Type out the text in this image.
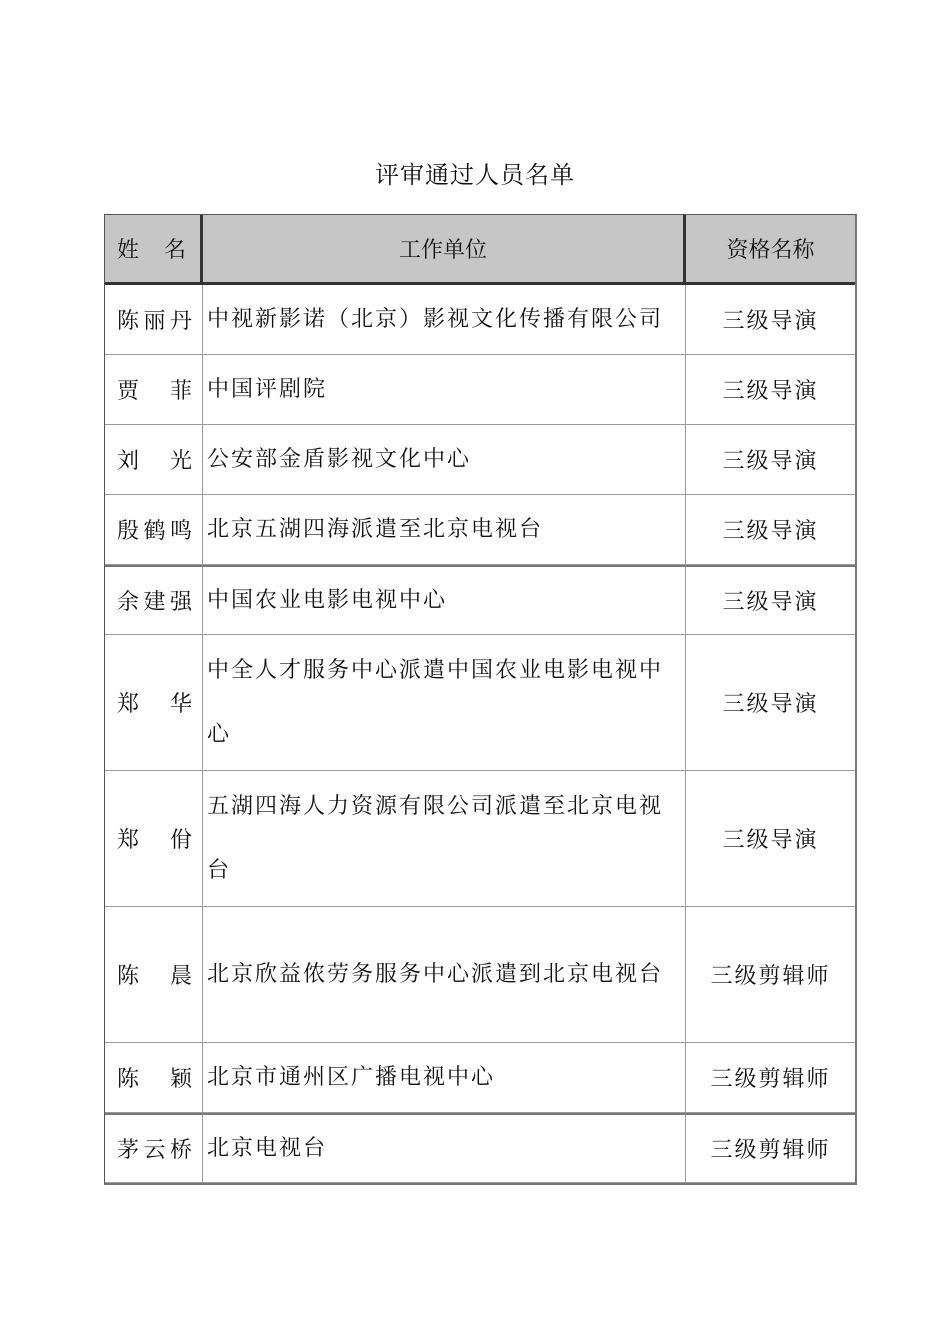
评审通过人员名单
姓名	工作单位	资格名称
陈丽丹	中视新影诺（北京）影视文化传播有限公司	三级导演
贾菲	中国评剧院	三级导演
刘光	公安部金盾影视文化中心	三级导演
殷鹤鸣	北京五湖四海派遣至北京电视台	三级导演
余建强	中国农业电影电视中心	三级导演
郑华	中全人才服务中心派遣中国农业电影电视中心	三级导演
郑佾	五湖四海人力资源有限公司派遣至北京电视台	三级导演
陈晨	北京欣益侬劳务服务中心派遣到北京电视台	三级剪辑师
陈颖	北京市通州区广播电视中心	三级剪辑师
茅云桥	北京电视台	三级剪辑师
